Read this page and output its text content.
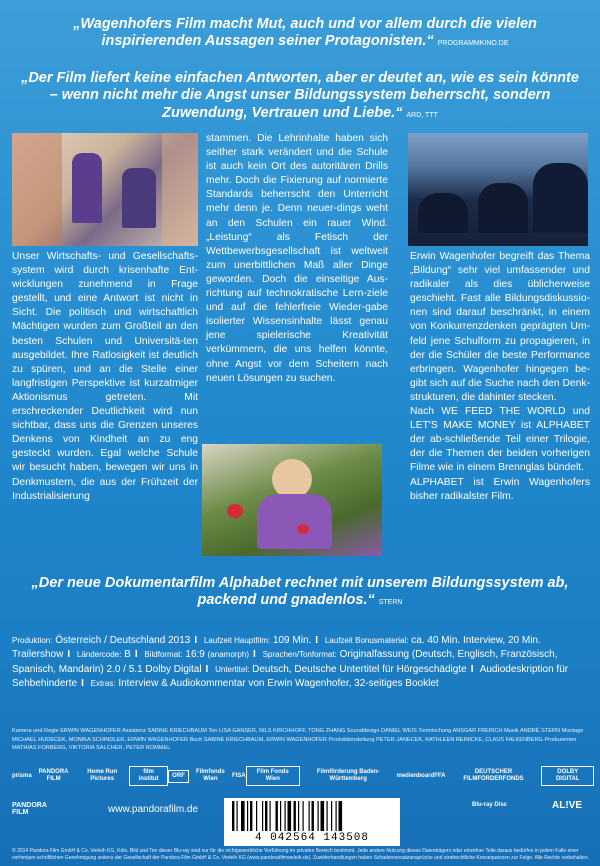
„Wagenhofers Film macht Mut, auch und vor allem durch die vielen inspirierenden Aussagen seiner Protagonisten.“ PROGRAMMKINO.DE
„Der Film liefert keine einfachen Antworten, aber er deutet an, wie es sein könnte – wenn nicht mehr die Angst unser Bildungssystem beherrscht, sondern Zuwendung, Vertrauen und Liebe.“ ARD, TTT
Unser Wirtschafts- und Gesellschafts-system wird durch krisenhafte Ent-wicklungen zunehmend in Frage gestellt, und eine Antwort ist nicht in Sicht. Die politisch und wirtschaftlich Mächtigen wurden zum Großteil an den besten Schulen und Universitä-ten ausgebildet. Ihre Ratlosigkeit ist deutlich zu spüren, und an die Stelle einer langfristigen Perspektive ist kurzatmiger Aktionismus getreten. Mit erschreckender Deutlichkeit wird nun sichtbar, dass uns die Grenzen unseres Denkens von Kindheit an zu eng gesteckt wurden. Egal welche Schule wir besucht haben, bewegen wir uns in Denkmustern, die aus der Frühzeit der Industrialisierung
stammen. Die Lehrinhalte haben sich seither stark verändert und die Schule ist auch kein Ort des autoritären Drills mehr. Doch die Fixierung auf normierte Standards beherrscht den Unterricht mehr denn je. Denn neuer-dings weht an den Schulen ein rauer Wind. „Leistung“ als Fetisch der Wettbewerbsgesellschaft ist weltweit zum unerbittlichen Maß aller Dinge geworden. Doch die einseitige Aus-richtung auf technokratische Lern-ziele und auf die fehlerfreie Wieder-gabe isolierter Wissensinhalte lässt genau jene spielerische Kreativität verkümmern, die uns helfen könnte, ohne Angst vor dem Scheitern nach neuen Lösungen zu suchen.

Erwin Wagenhofer begreift das Thema „Bildung“ sehr viel umfassender und radikaler als dies üblicherweise geschieht. Fast alle Bildungsdiskussio-nen sind darauf beschränkt, in einem von Konkurrenzdenken geprägten Um-feld jene Schulform zu propagieren, in der die Schüler die beste Performance erbringen. Wagenhofer hingegen be-gibt sich auf die Suche nach den Denk-strukturen, die dahinter stecken.

Nach WE FEED THE WORLD und LET'S MAKE MONEY ist ALPHABET der ab-schließende Teil einer Trilogie, der die Themen der beiden vorherigen Filme wie in einem Brennglas bündelt.

ALPHABET ist Erwin Wagenhofers bisher radikalster Film.

„Der neue Dokumentarfilm Alphabet rechnet mit unserem Bildungssystem ab, packend und gnadenlos.“ STERN
Produktion: Österreich / Deutschland 2013 I Laufzeit Hauptfilm: 109 Min. I Laufzeit Bonusmaterial: ca. 40 Min. Interview, 20 Min. Trailershow I Ländercode: B I Bildformat: 16:9 (anamorph) I Sprachen/Tonformat: Originalfassung (Deutsch, Englisch, Französisch, Spanisch, Mandarin) 2.0 / 5.1 Dolby Digital I Untertitel: Deutsch, Deutsche Untertitel für Hörgeschädigte I Audiodeskription für Sehbehinderte I Extras: Interview & Audiokommentar von Erwin Wagenhofer, 32-seitiges Booklet
Kamera und Regie ERWIN WAGENHOFER Assistenz SABINE KRIECHBAUM Ton LISA GANSER, NILS KIRCHHOFF, TONG ZHANG Sounddesign DANIEL WEIS Tonmischung ANSGAR FRERICH Musik ANDRÉ STERN Montage MICHAEL HUDECEK, MONIKA SCHINDLER, ERWIN WAGENHOFER Buch SABINE KRIECHBAUM, ERWIN WAGENHOFER Produktionsleitung PETER JANECEK, KATHLEEN REINICKE, CLAUS FALKENBERG Produzenten MATHIAS FORBERG, VIKTORIA SALCHER, PETER ROMMEL
prisma
PANDORA FILM
Home Run Pictures
film institut
ORF
Filmfonds Wien
FISA
Film Fonds Wien
Filmförderung Baden-Württemberg
medienboard FFA
DEUTSCHER FILMFÖRDERFONDS
DOLBY DIGITAL
PANDORA FILM	www.pandorafilm.de
4 042564 143508
Blu-ray Disc	AL!VE
© 2014 Pandora Film GmbH & Co. Verleih KG, Köln. Bild und Ton dieser Blu-ray sind nur für die nichtgewerbliche Vorführung im privaten Bereich bestimmt. Jede andere Nutzung dieses Datenträgers oder einzelner Teile daraus bedürfen in jedem Falle einer vorherigen schriftlichen Genehmigung seitens der Gesellschaft der Pandora Film GmbH & Co. Verleih KG (www.pandorafilmverleih.de). Zuwiderhandlungen haben Schadensersatzansprüche und strafrechtliche Konsequenzen zur Folge. Alle Rechte vorbehalten.
